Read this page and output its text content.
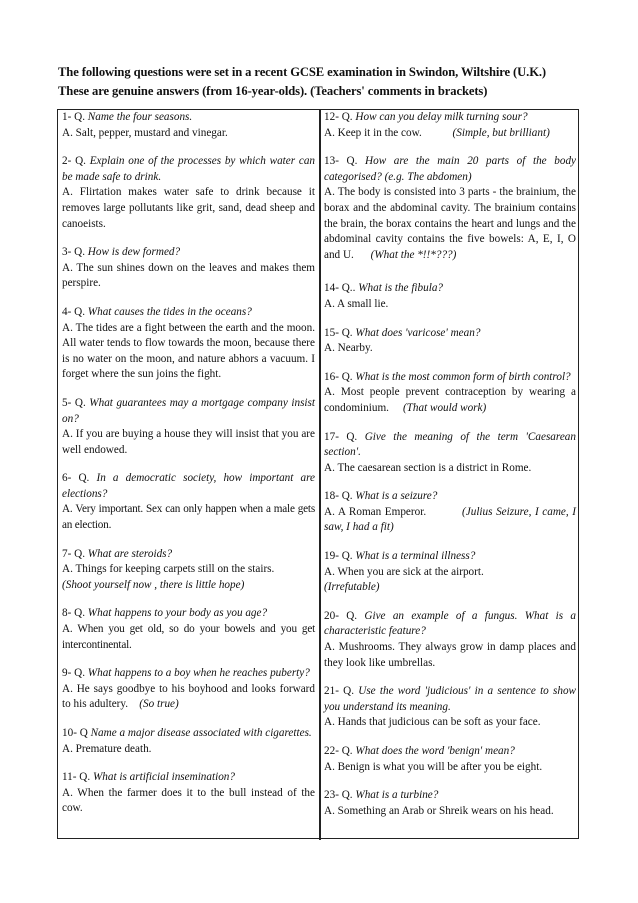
The following questions were set in a recent GCSE examination in Swindon, Wiltshire (U.K.)
These are genuine answers (from 16-year-olds). (Teachers' comments in brackets)
1- Q. Name the four seasons.
A. Salt, pepper, mustard and vinegar.
2- Q. Explain one of the processes by which water can be made safe to drink.
A. Flirtation makes water safe to drink because it removes large pollutants like grit, sand, dead sheep and canoeists.
3- Q. How is dew formed?
A. The sun shines down on the leaves and makes them perspire.
4- Q. What causes the tides in the oceans?
A. The tides are a fight between the earth and the moon. All water tends to flow towards the moon, because there is no water on the moon, and nature abhors a vacuum. I forget where the sun joins the fight.
5- Q. What guarantees may a mortgage company insist on?
A. If you are buying a house they will insist that you are well endowed.
6- Q. In a democratic society, how important are elections?
A. Very important. Sex can only happen when a male gets an election.
7- Q. What are steroids?
A. Things for keeping carpets still on the stairs.
(Shoot yourself now , there is little hope)
8- Q. What happens to your body as you age?
A. When you get old, so do your bowels and you get intercontinental.
9- Q. What happens to a boy when he reaches puberty?
A. He says goodbye to his boyhood and looks forward to his adultery. (So true)
10- Q Name a major disease associated with cigarettes.
A. Premature death.
11- Q. What is artificial insemination?
A. When the farmer does it to the bull instead of the cow.
12- Q. How can you delay milk turning sour?
A. Keep it in the cow.	(Simple, but brilliant)
13- Q. How are the main 20 parts of the body categorised? (e.g. The abdomen)
A. The body is consisted into 3 parts - the brainium, the borax and the abdominal cavity. The brainium contains the brain, the borax contains the heart and lungs and the abdominal cavity contains the five bowels: A, E, I, O and U. (What the *!!*???)
14- Q.. What is the fibula?
A. A small lie.
15- Q. What does 'varicose' mean?
A. Nearby.
16- Q. What is the most common form of birth control?
A. Most people prevent contraception by wearing a condominium. (That would work)
17- Q. Give the meaning of the term 'Caesarean section'.
A. The caesarean section is a district in Rome.
18- Q. What is a seizure?
A. A Roman Emperor.	(Julius Seizure, I came, I saw, I had a fit)
19- Q. What is a terminal illness?
A. When you are sick at the airport.
(Irrefutable)
20- Q. Give an example of a fungus. What is a characteristic feature?
A. Mushrooms. They always grow in damp places and they look like umbrellas.
21- Q. Use the word 'judicious' in a sentence to show you understand its meaning.
A. Hands that judicious can be soft as your face.
22- Q. What does the word 'benign' mean?
A. Benign is what you will be after you be eight.
23- Q. What is a turbine?
A. Something an Arab or Shreik wears on his head.
